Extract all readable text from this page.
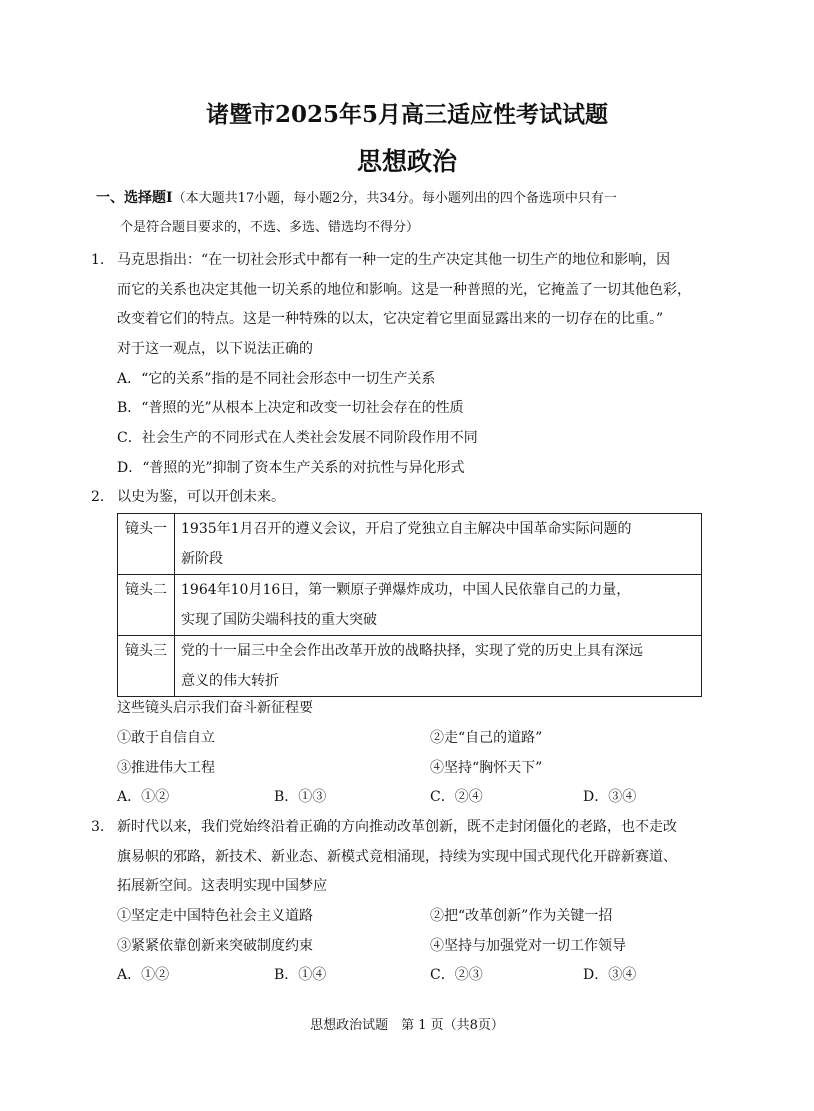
诸暨市2025年5月高三适应性考试试题
思想政治
一、选择题Ⅰ（本大题共17小题，每小题2分，共34分。每小题列出的四个备选项中只有一
个是符合题目要求的，不选、多选、错选均不得分）
1. 马克思指出：“在一切社会形式中都有一种一定的生产决定其他一切生产的地位和影响，因
而它的关系也决定其他一切关系的地位和影响。这是一种普照的光，它掩盖了一切其他色彩，
改变着它们的特点。这是一种特殊的以太，它决定着它里面显露出来的一切存在的比重。”
对于这一观点，以下说法正确的
A．“它的关系”指的是不同社会形态中一切生产关系
B．“普照的光”从根本上决定和改变一切社会存在的性质
C．社会生产的不同形式在人类社会发展不同阶段作用不同
D．“普照的光”抑制了资本生产关系的对抗性与异化形式
2. 以史为鉴，可以开创未来。
镜头一	1935年1月召开的遵义会议，开启了党独立自主解决中国革命实际问题的
新阶段

镜头二	1964年10月16日，第一颗原子弹爆炸成功，中国人民依靠自己的力量，
实现了国防尖端科技的重大突破

镜头三	党的十一届三中全会作出改革开放的战略抉择，实现了党的历史上具有深远
意义的伟大转折
这些镜头启示我们奋斗新征程要
①敢于自信自立	②走“自己的道路”
③推进伟大工程	④坚持“胸怀天下”
A．①②	B．①③	C．②④	D．③④
3. 新时代以来，我们党始终沿着正确的方向推动改革创新，既不走封闭僵化的老路，也不走改
旗易帜的邪路，新技术、新业态、新模式竞相涌现，持续为实现中国式现代化开辟新赛道、
拓展新空间。这表明实现中国梦应
①坚定走中国特色社会主义道路	②把“改革创新”作为关键一招
③紧紧依靠创新来突破制度约束	④坚持与加强党对一切工作领导
A．①②	B．①④	C．②③	D．③④
思想政治试题　第 1 页（共8页）
